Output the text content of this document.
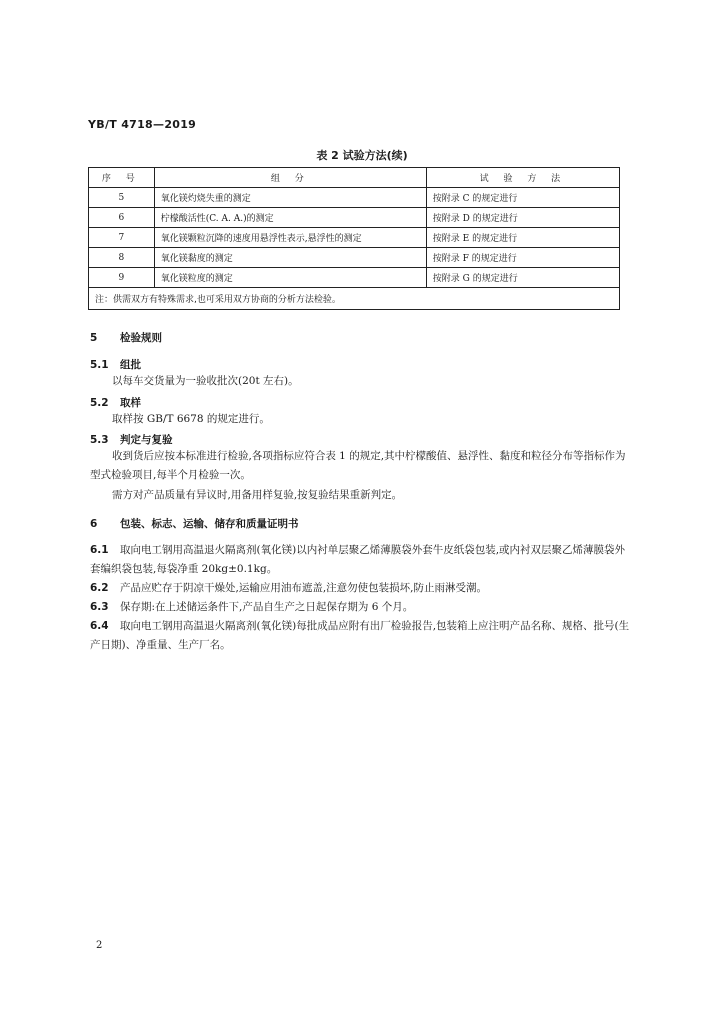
YB/T 4718—2019
表 2 试验方法(续)
序 号	组 分	试 验 方 法
5	氧化镁灼烧失重的测定	按附录 C 的规定进行
6	柠檬酸活性(C. A. A.)的测定	按附录 D 的规定进行
7	氧化镁颗粒沉降的速度用悬浮性表示,悬浮性的测定	按附录 E 的规定进行
8	氧化镁黏度的测定	按附录 F 的规定进行
9	氧化镁粒度的测定	按附录 G 的规定进行
注：供需双方有特殊需求,也可采用双方协商的分析方法检验。		
5 检验规则
5.1 组批
以每车交货量为一验收批次(20t 左右)。
5.2 取样
取样按 GB/T 6678 的规定进行。
5.3 判定与复验
收到货后应按本标准进行检验,各项指标应符合表 1 的规定,其中柠檬酸值、悬浮性、黏度和粒径分布等指标作为型式检验项目,每半个月检验一次。
需方对产品质量有异议时,用备用样复验,按复验结果重新判定。
6 包装、标志、运输、储存和质量证明书
6.1 取向电工钢用高温退火隔离剂(氧化镁)以内衬单层聚乙烯薄膜袋外套牛皮纸袋包装,或内衬双层聚乙烯薄膜袋外套编织袋包装,每袋净重 20kg±0.1kg。
6.2 产品应贮存于阴凉干燥处,运输应用油布遮盖,注意勿使包装损坏,防止雨淋受潮。
6.3 保存期:在上述储运条件下,产品自生产之日起保存期为 6 个月。
6.4 取向电工钢用高温退火隔离剂(氧化镁)每批成品应附有出厂检验报告,包装箱上应注明产品名称、规格、批号(生产日期)、净重量、生产厂名。
2
